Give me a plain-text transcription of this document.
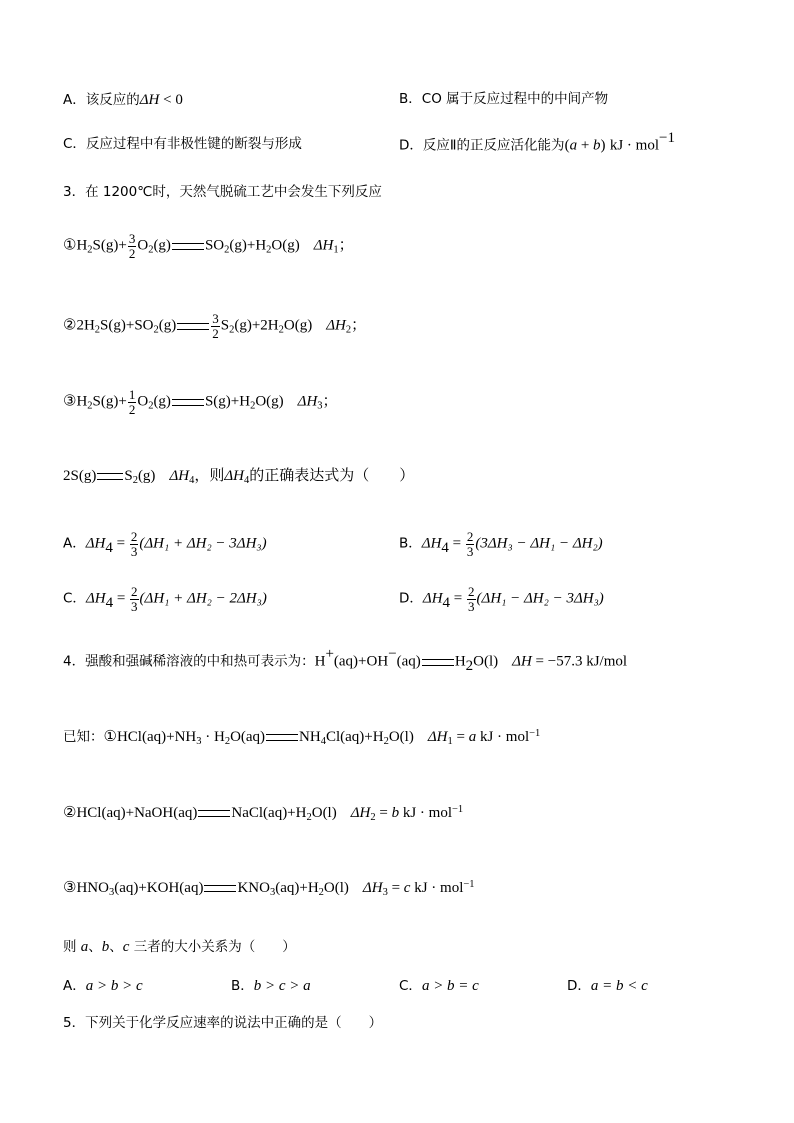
A．该反应的ΔH < 0	B．CO 属于反应过程中的中间产物
C．反应过程中有非极性键的断裂与形成	D．反应Ⅱ的正反应活化能为(a + b) kJ · mol$^{-1}$
3．在 1200℃时，天然气脱硫工艺中会发生下列反应
$①H_2S(g)+ \frac{3}{2} O_2(g)$ $SO_2(g)+H_2O(g)$ $\Delta H_1$；
$②2H_2S(g)+SO_2(g)$	$\frac{3}{2} S_2(g)+2H_2O(g)$ $\Delta H_2$；
$③H_2S(g)+ \frac{1}{2} O_2(g)$ $S(g)+H_2O(g)$ $\Delta H_3$；
2S(g) $S_2(g)$ $\Delta H_4$，则$\Delta H_4$的正确表达式为（　　）
A．$\Delta H_4 = \frac{2}{3} (\Delta H_1 + \Delta H_2 - 3\Delta H_3)$	B．$\Delta H_4 = \frac{2}{3} (3\Delta H_3 - \Delta H_1 - \Delta H_2)$
C．$\Delta H_4 = \frac{2}{3} (\Delta H_1 + \Delta H_2 - 2\Delta H_3)$	D．$\Delta H_4 = \frac{2}{3} (\Delta H_1 - \Delta H_2 - 3\Delta H_3)$
4．强酸和强碱稀溶液的中和热可表示为：H+(aq)+OH−(aq) $H_2O(l) \Delta H = -57.3$ kJ/mol
已知：$①HCl(aq)+NH_3 \cdot H_2O(aq)$ $NH_4Cl(aq)+H_2O(l) \Delta H_1 = a$ kJ · mol$^{-1}$
②HCl(aq)+NaOH(aq) $NaCl(aq)+H_2O(l) \Delta H_2 = b$ kJ · mol$^{-1}$
$③HNO_3(aq)+KOH(aq)$ $KNO_3(aq)+H_2O(l) \Delta H_3 = c$ kJ · mol$^{-1}$
则 a、b、c 三者的大小关系为（　　）
A．a > b > c	B．b > c > a	C．a > b = c	D．a = b < c
5．下列关于化学反应速率的说法中正确的是（　　）
